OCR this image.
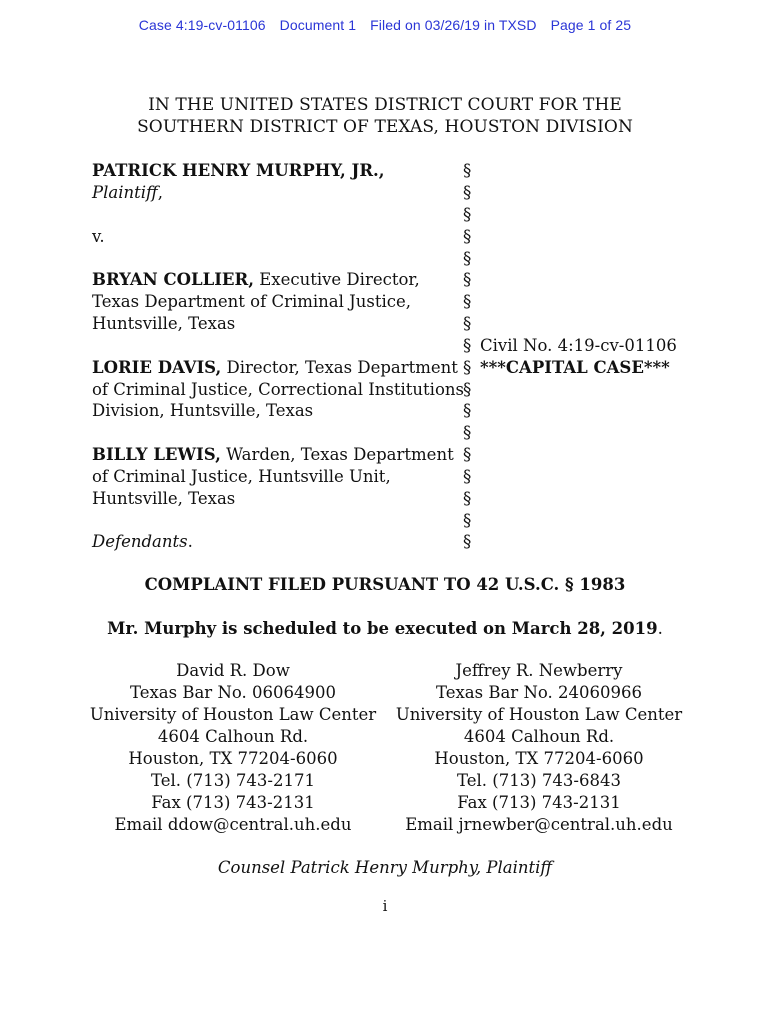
Case 4:19-cv-01106 Document 1 Filed on 03/26/19 in TXSD Page 1 of 25
IN THE UNITED STATES DISTRICT COURT FOR THE
SOUTHERN DISTRICT OF TEXAS, HOUSTON DIVISION
PATRICK HENRY MURPHY, JR.,
Plaintiff,
v.
BRYAN COLLIER, Executive Director,
Texas Department of Criminal Justice,
Huntsville, Texas
LORIE DAVIS, Director, Texas Department
of Criminal Justice, Correctional Institutions
Division, Huntsville, Texas
BILLY LEWIS, Warden, Texas Department
of Criminal Justice, Huntsville Unit,
Huntsville, Texas
Defendants.
§
§
§
§
§
§
§
§
§
§
§
§
§
§
§
§
§
§
Civil No. 4:19-cv-01106
***CAPITAL CASE***
COMPLAINT FILED PURSUANT TO 42 U.S.C. § 1983
Mr. Murphy is scheduled to be executed on March 28, 2019.
David R. Dow
Texas Bar No. 06064900
University of Houston Law Center
4604 Calhoun Rd.
Houston, TX 77204-6060
Tel. (713) 743-2171
Fax (713) 743-2131
Email ddow@central.uh.edu
Jeffrey R. Newberry
Texas Bar No. 24060966
University of Houston Law Center
4604 Calhoun Rd.
Houston, TX 77204-6060
Tel. (713) 743-6843
Fax (713) 743-2131
Email jrnewber@central.uh.edu
Counsel Patrick Henry Murphy, Plaintiff
i
